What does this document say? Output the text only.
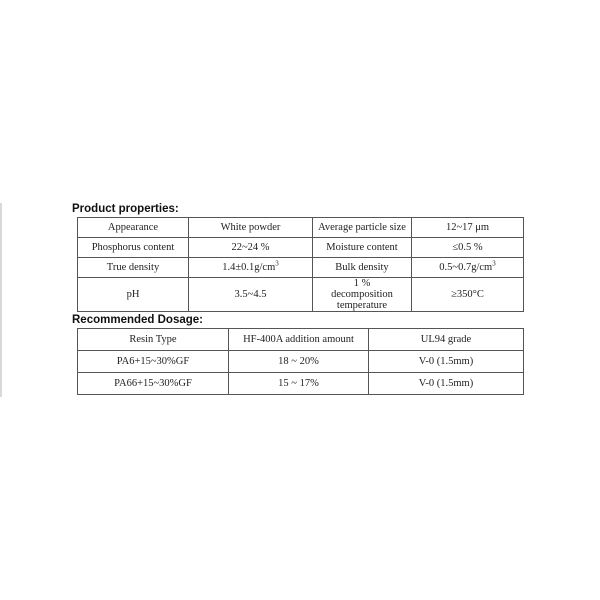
Product properties:
Appearance	White powder	Average particle size	12~17 μm
Phosphorus content	22~24 %	Moisture content	≤0.5 %
True density	$1.4\pm 0.1g/cm^3$	Bulk density	$0.5\sim 0.7g/cm^3$
pH	3.5~4.5	1 % decomposition temperature	≥350°C
Recommended Dosage:
Resin Type	HF-400A addition amount	UL94 grade
PA6+15~30%GF	18 ~ 20%	V-0 (1.5mm)
PA66+15~30%GF	15 ~ 17%	V-0 (1.5mm)
